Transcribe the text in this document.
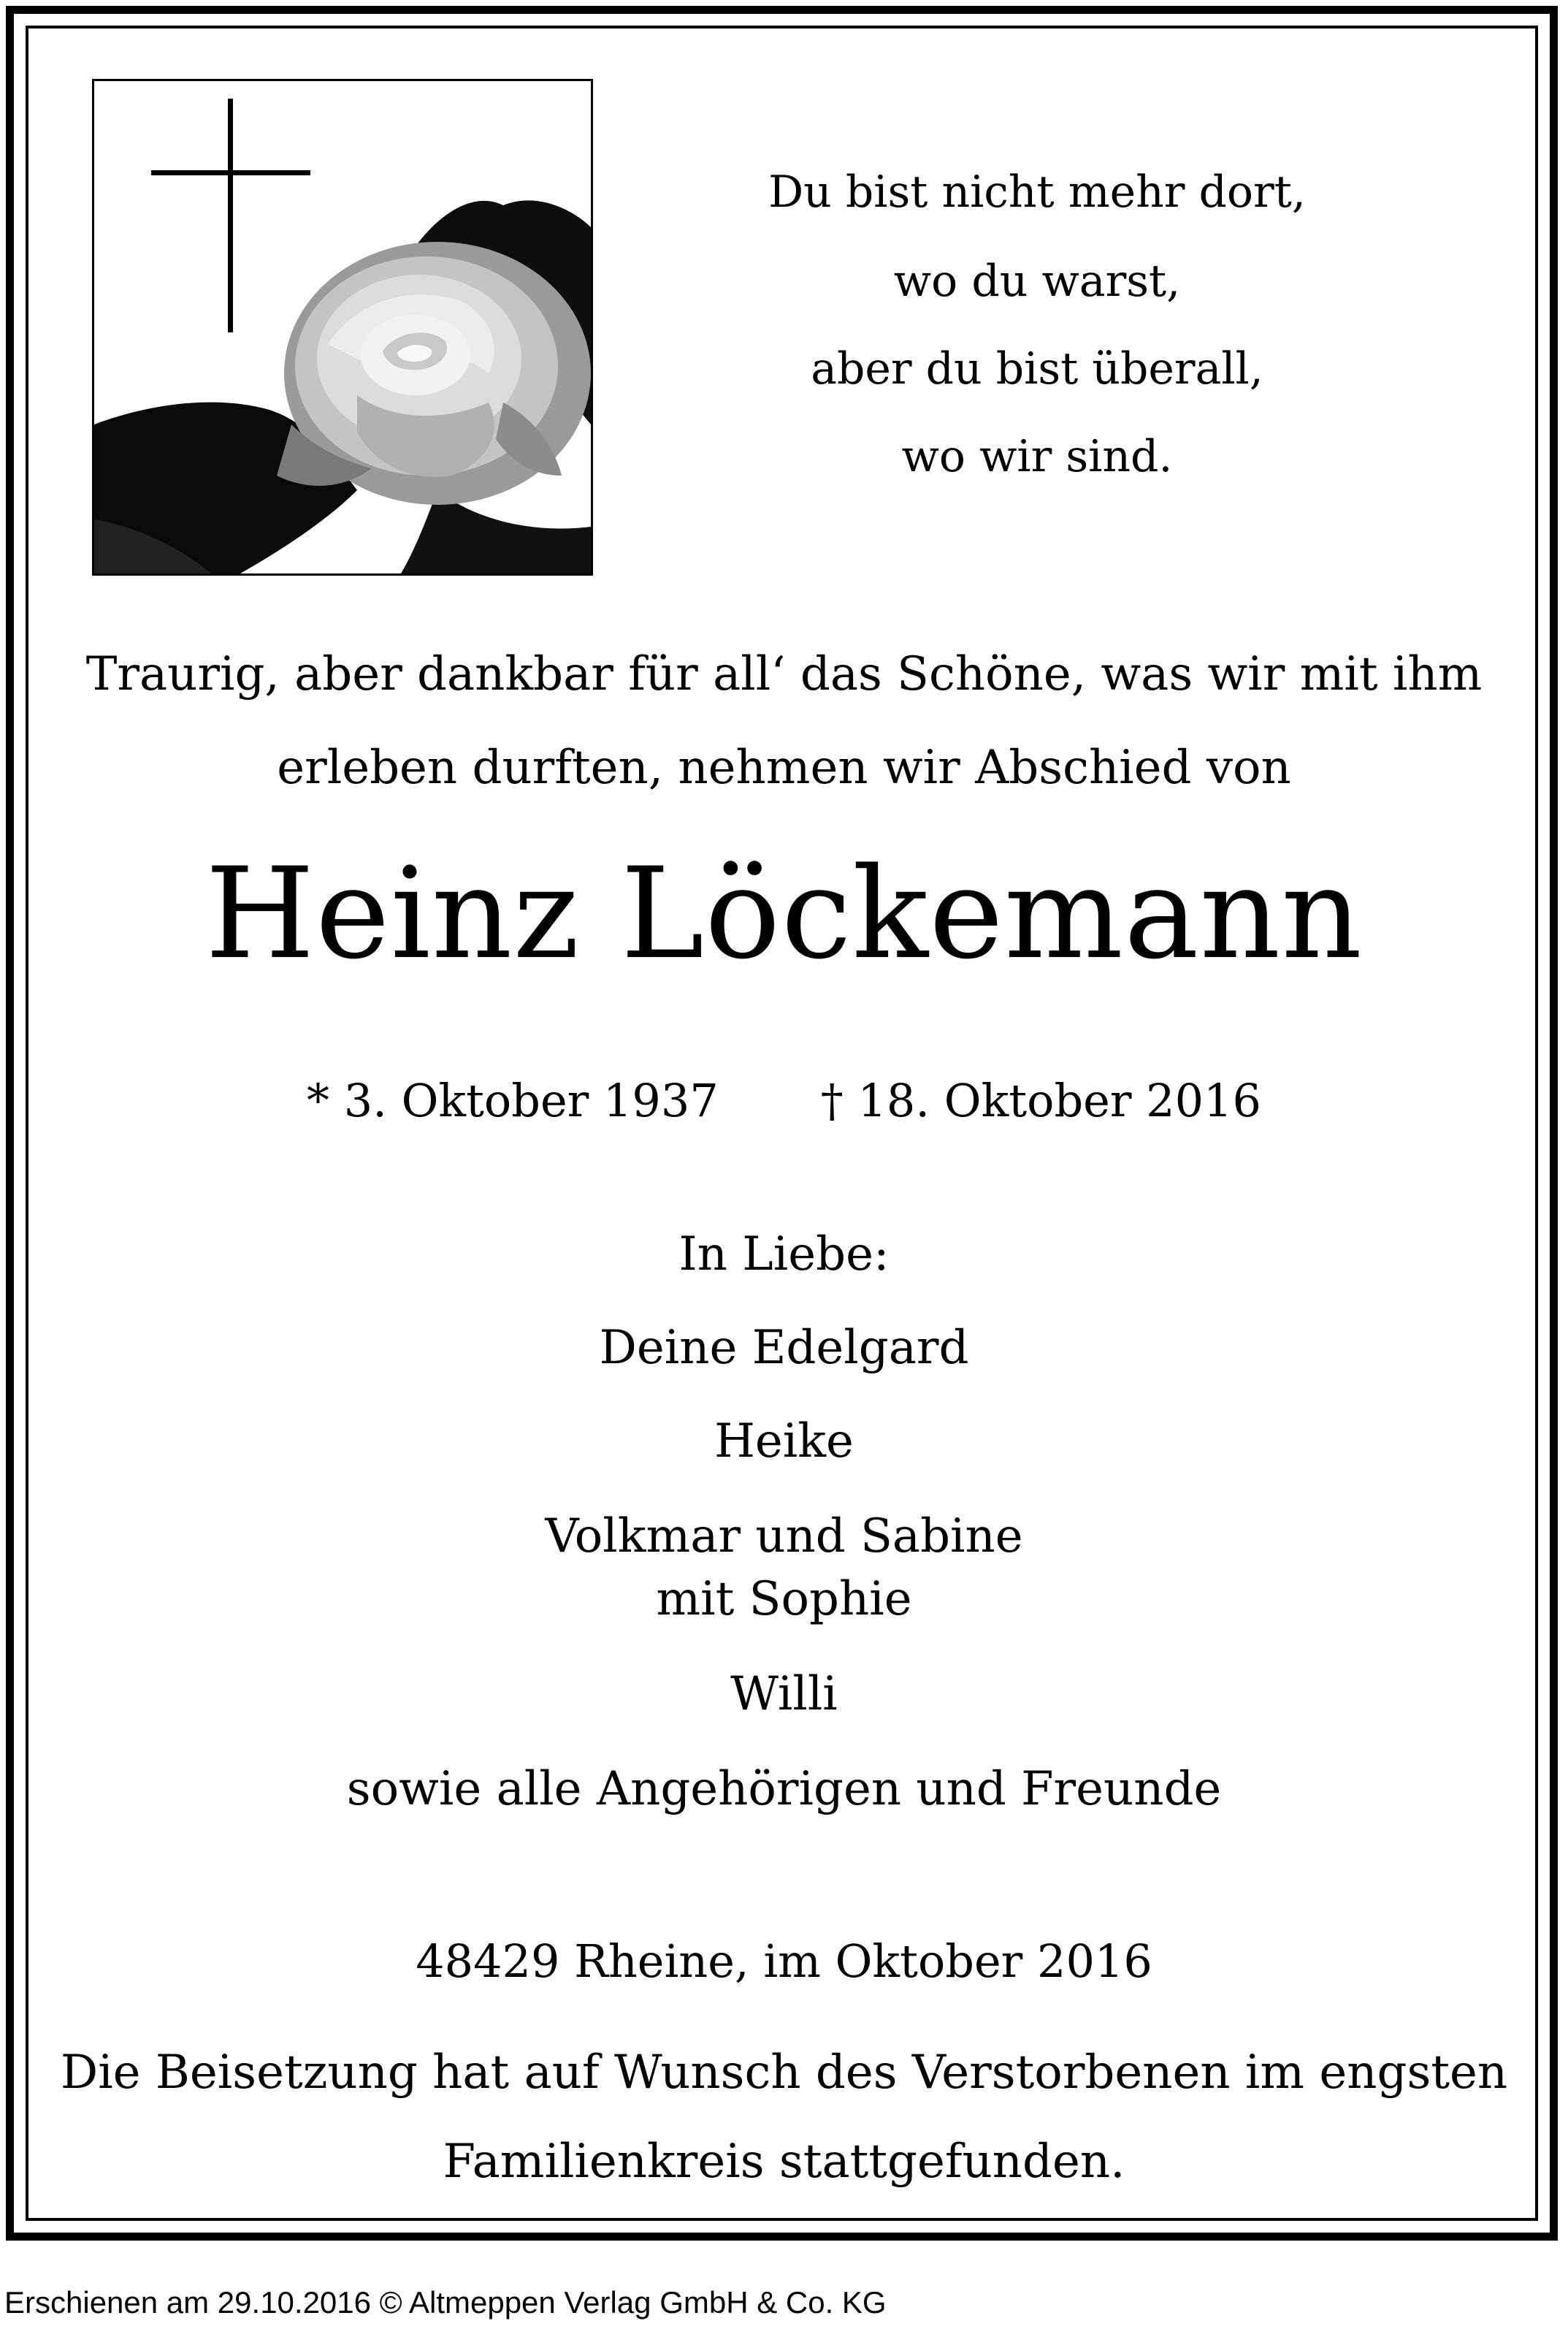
Du bist nicht mehr dort,
wo du warst,
aber du bist überall,
wo wir sind.
Traurig, aber dankbar für all‘ das Schöne, was wir mit ihm
erleben durften, nehmen wir Abschied von
Heinz Löckemann
* 3. Oktober 1937 † 18. Oktober 2016
In Liebe:
Deine Edelgard
Heike
Volkmar und Sabine
mit Sophie
Willi
sowie alle Angehörigen und Freunde
48429 Rheine, im Oktober 2016
Die Beisetzung hat auf Wunsch des Verstorbenen im engsten
Familienkreis stattgefunden.
Erschienen am 29.10.2016 © Altmeppen Verlag GmbH & Co. KG
